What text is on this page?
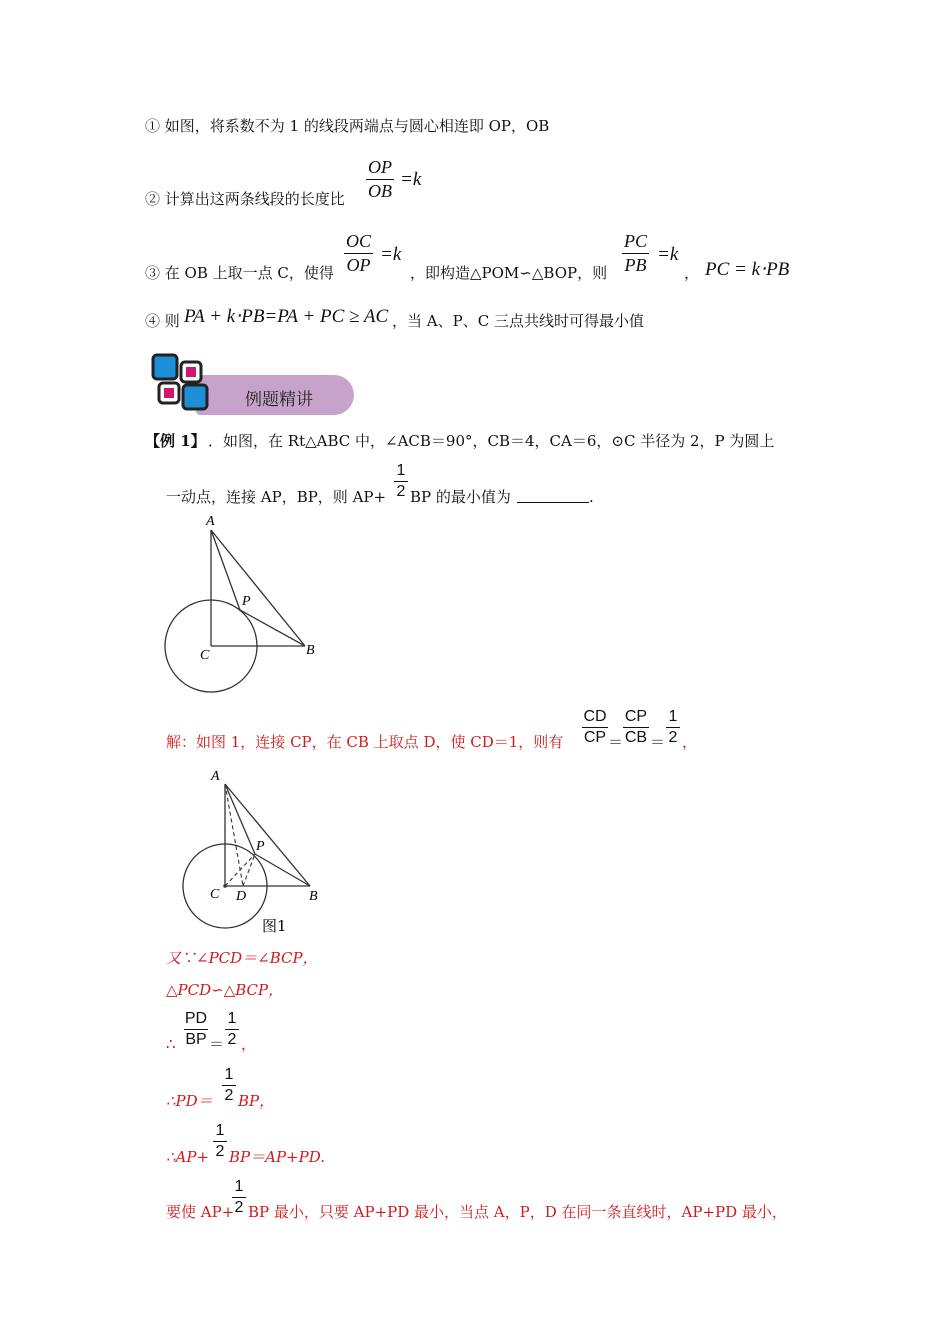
① 如图，将系数不为 1 的线段两端点与圆心相连即 OP，OB
② 计算出这两条线段的长度比
OP
OB
=k
③ 在 OB 上取一点 C，使得
OC
OP =k
，即构造△POM∽△BOP，则
PC
PB =k
， PC = k⋅PB
④ 则 PA + k⋅PB=PA + PC ≥ AC ，当 A、P、C 三点共线时可得最小值
例题精讲
【例 1】 ．如图，在 Rt△ABC 中，∠ACB＝90°，CB＝4，CA＝6，⊙C 半径为 2，P 为圆上
一动点，连接 AP，BP，则 AP+
1
2 BP 的最小值为	.
A
P
C	B
解：如图 1，连接 CP，在 CB 上取点 D，使 CD＝1，则有
CD
CP ＝
CP
CB ＝
1
2 ，
A
P
C D	B
图1
又∵∠PCD＝∠BCP，
△PCD∽△BCP，
PD
BP
∴ ＝
1
2 ，
∴PD＝
1
2 BP，
∴AP+
1
2 BP＝AP+PD.
要使 AP+
1
2 BP 最小，只要 AP+PD 最小，当点 A，P，D 在同一条直线时，AP+PD 最小，
